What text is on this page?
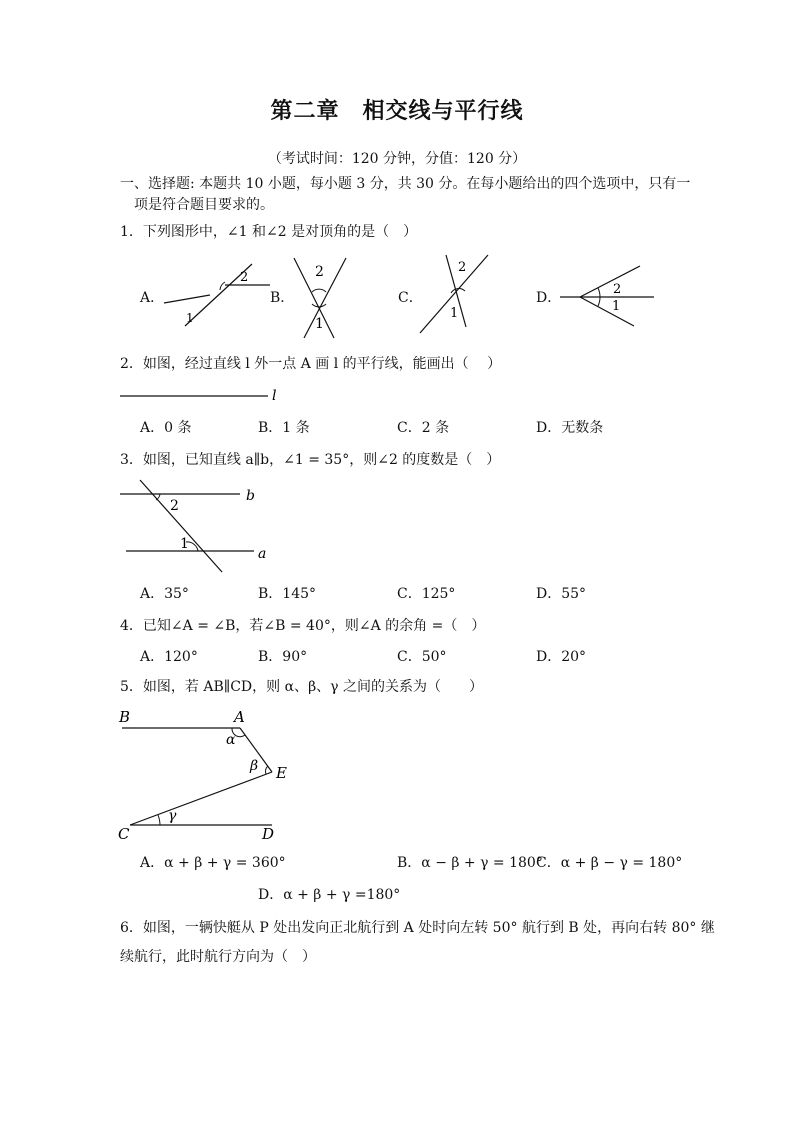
第二章　相交线与平行线
（考试时间：120 分钟，分值：120 分）
一、选择题: 本题共 10 小题，每小题 3 分，共 30 分。在每小题给出的四个选项中，只有一
项是符合题目要求的。
1．下列图形中，∠1 和∠2 是对顶角的是（　）
A．
2
1
B．
2
1
C．
2
1
D．
2
1
2．如图，经过直线 l 外一点 A 画 l 的平行线，能画出（　 ）
l
A．0 条	B．1 条	C．2 条	D．无数条
3．如图，已知直线 a∥b，∠1 = 35°，则∠2 的度数是（　）
b
a
2
1
A．35°	B．145°	C．125°	D．55°
4．已知∠A = ∠B，若∠B = 40°，则∠A 的余角 =（　）
A．120°	B．90°	C．50°	D．20°
5．如图，若 AB∥CD，则 α、β、γ 之间的关系为（　　）
B	A
E
C	D
α
β
γ
A．α + β + γ = 360°	B．α − β + γ = 180°
C．α + β − γ = 180°
D．α + β + γ =180°
6．如图，一辆快艇从 P 处出发向正北航行到 A 处时向左转 50° 航行到 B 处，再向右转 80° 继
续航行，此时航行方向为（　）
